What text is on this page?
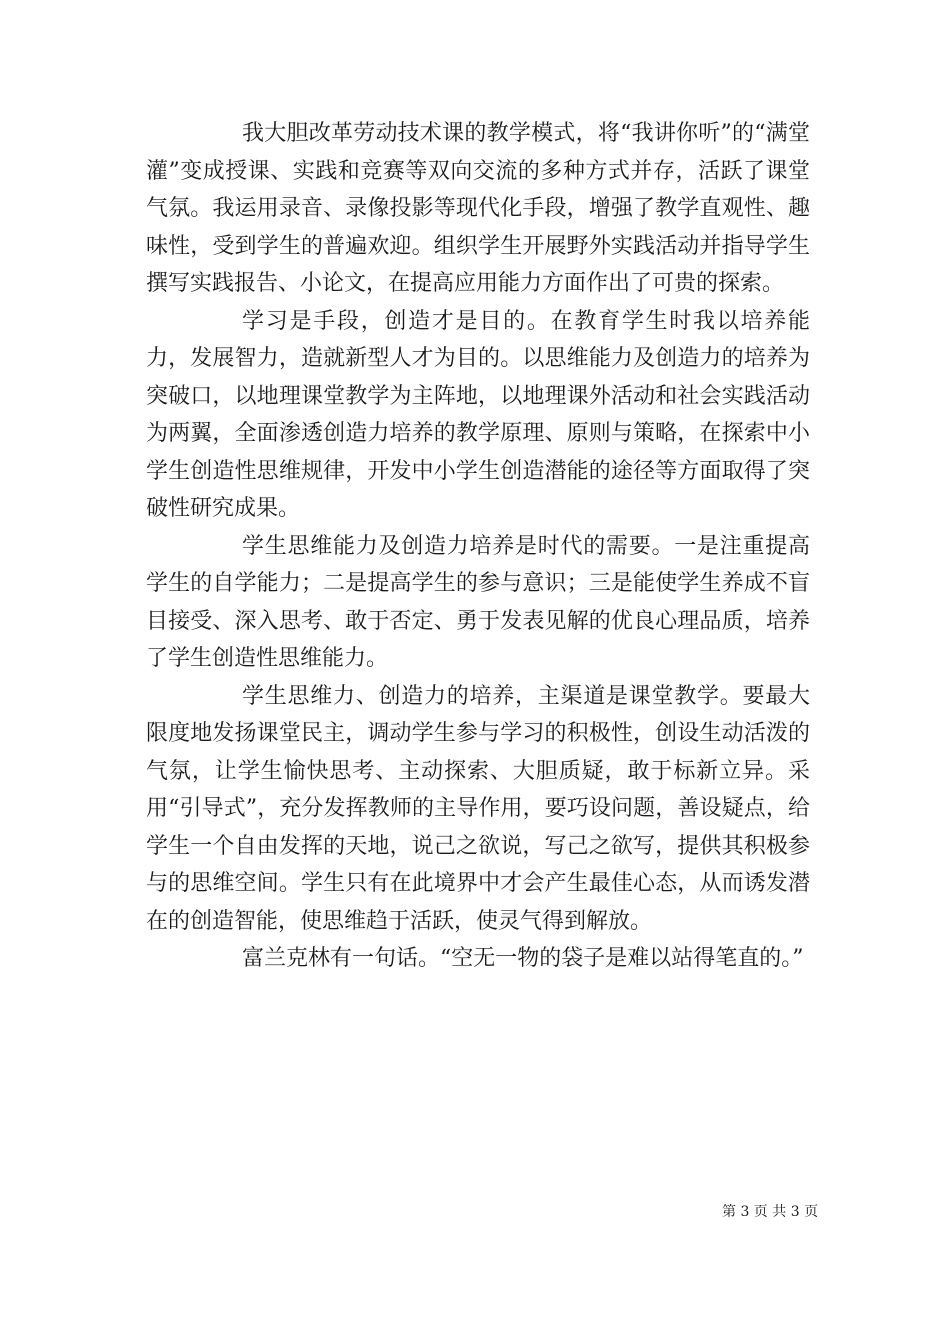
我大胆改革劳动技术课的教学模式，将“我讲你听”的“满堂灌”变成授课、实践和竞赛等双向交流的多种方式并存，活跃了课堂气氛。我运用录音、录像投影等现代化手段，增强了教学直观性、趣味性，受到学生的普遍欢迎。组织学生开展野外实践活动并指导学生撰写实践报告、小论文，在提高应用能力方面作出了可贵的探索。

学习是手段，创造才是目的。在教育学生时我以培养能力，发展智力，造就新型人才为目的。以思维能力及创造力的培养为突破口，以地理课堂教学为主阵地，以地理课外活动和社会实践活动为两翼，全面渗透创造力培养的教学原理、原则与策略，在探索中小学生创造性思维规律，开发中小学生创造潜能的途径等方面取得了突破性研究成果。

学生思维能力及创造力培养是时代的需要。一是注重提高学生的自学能力；二是提高学生的参与意识；三是能使学生养成不盲目接受、深入思考、敢于否定、勇于发表见解的优良心理品质，培养了学生创造性思维能力。

学生思维力、创造力的培养，主渠道是课堂教学。要最大限度地发扬课堂民主，调动学生参与学习的积极性，创设生动活泼的气氛，让学生愉快思考、主动探索、大胆质疑，敢于标新立异。采用“引导式”，充分发挥教师的主导作用，要巧设问题，善设疑点，给学生一个自由发挥的天地，说己之欲说，写己之欲写，提供其积极参与的思维空间。学生只有在此境界中才会产生最佳心态，从而诱发潜在的创造智能，使思维趋于活跃，使灵气得到解放。

富兰克林有一句话。“空无一物的袋子是难以站得笔直的。”

第 3 页 共 3 页
